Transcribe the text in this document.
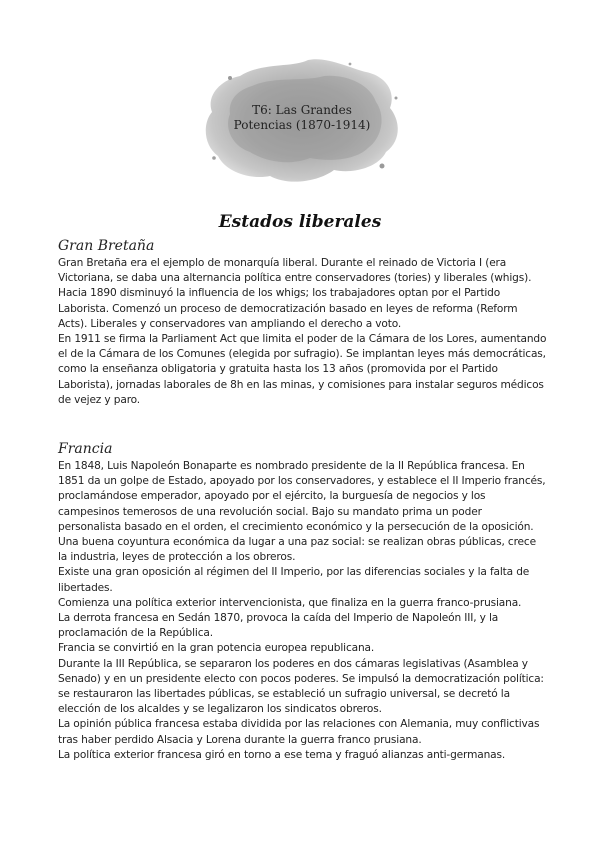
T6: Las Grandes
Potencias (1870-1914)
Estados liberales
Gran Bretaña

Gran Bretaña era el ejemplo de monarquía liberal. Durante el reinado de Victoria I (era Victoriana, se daba una alternancia política entre conservadores (tories) y liberales (whigs). Hacia 1890 disminuyó la influencia de los whigs; los trabajadores optan por el Partido Laborista. Comenzó un proceso de democratización basado en leyes de reforma (Reform Acts). Liberales y conservadores van ampliando el derecho a voto.

En 1911 se firma la Parliament Act que limita el poder de la Cámara de los Lores, aumentando el de la Cámara de los Comunes (elegida por sufragio). Se implantan leyes más democráticas, como la enseñanza obligatoria y gratuita hasta los 13 años (promovida por el Partido Laborista), jornadas laborales de 8h en las minas, y comisiones para instalar seguros médicos de vejez y paro.

Francia

En 1848, Luis Napoleón Bonaparte es nombrado presidente de la II República francesa. En 1851 da un golpe de Estado, apoyado por los conservadores, y establece el II Imperio francés, proclamándose emperador, apoyado por el ejército, la burguesía de negocios y los campesinos temerosos de una revolución social. Bajo su mandato prima un poder personalista basado en el orden, el crecimiento económico y la persecución de la oposición.

Una buena coyuntura económica da lugar a una paz social: se realizan obras públicas, crece la industria, leyes de protección a los obreros.

Existe una gran oposición al régimen del II Imperio, por las diferencias sociales y la falta de libertades.

Comienza una política exterior intervencionista, que finaliza en la guerra franco-prusiana.

La derrota francesa en Sedán 1870, provoca la caída del Imperio de Napoleón III, y la proclamación de la República.

Francia se convirtió en la gran potencia europea republicana.

Durante la III República, se separaron los poderes en dos cámaras legislativas (Asamblea y Senado) y en un presidente electo con pocos poderes. Se impulsó la democratización política: se restauraron las libertades públicas, se estableció un sufragio universal, se decretó la elección de los alcaldes y se legalizaron los sindicatos obreros.

La opinión pública francesa estaba dividida por las relaciones con Alemania, muy conflictivas tras haber perdido Alsacia y Lorena durante la guerra franco prusiana.

La política exterior francesa giró en torno a ese tema y fraguó alianzas anti-germanas.
